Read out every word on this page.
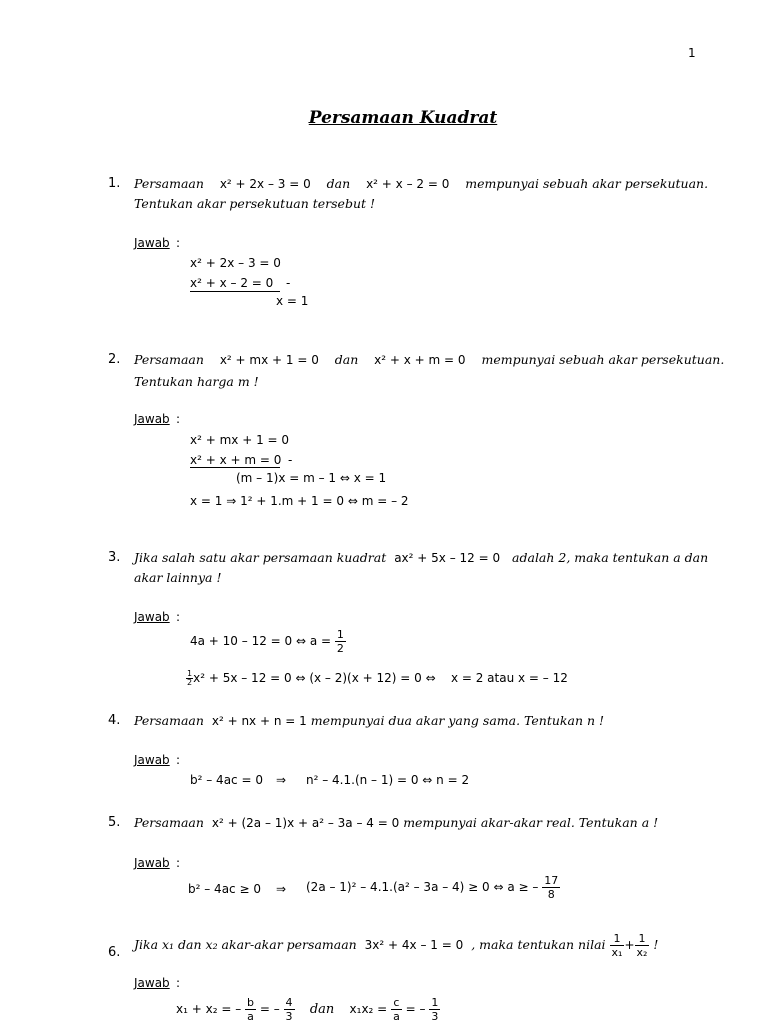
1
Persamaan Kuadrat
1. Persamaan x² + 2x – 3 = 0 dan x² + x – 2 = 0 mempunyai sebuah akar persekutuan.
Tentukan akar persekutuan tersebut !
Jawab :
x² + 2x – 3 = 0
x² + x – 2 = 0 -
x = 1
2. Persamaan x² + mx + 1 = 0 dan x² + x + m = 0 mempunyai sebuah akar persekutuan.
Tentukan harga m !
Jawab :
x² + mx + 1 = 0
x² + x + m = 0 -
(m – 1)x = m – 1 ⇔ x = 1
x = 1 ⇒ 1² + 1.m + 1 = 0 ⇔ m = – 2
3. Jika salah satu akar persamaan kuadrat ax² + 5x – 12 = 0 adalah 2, maka tentukan a dan
akar lainnya !
Jawab :
4a + 10 – 12 = 0 ⇔ $a = \frac{1}{2}$
$\frac{1}{2} x^2 + 5x - 12 = 0$ ⇔ (x – 2)(x + 12) = 0 ⇔ x = 2 atau x = – 12
4. Persamaan x² + nx + n = 1 mempunyai dua akar yang sama. Tentukan n !
Jawab :
b² – 4ac = 0 ⇒ n² – 4.1.(n – 1) = 0 ⇔ n = 2
5. Persamaan x² + (2a – 1)x + a² – 3a – 4 = 0 mempunyai akar-akar real. Tentukan a !
Jawab :
b² – 4ac ≥ 0 ⇒ (2a – 1)² – 4.1.(a² – 3a – 4) ≥ 0 ⇔ a ≥ – $\frac{17}{8}$
6.
Jika x₁ dan x₂ akar-akar persamaan 3x² + 4x – 1 = 0 , maka tentukan nilai $\frac{1}{\text{x₁}} + \frac{1}{\text{x₂}}$ !
Jawab :
x₁ + x₂ = – $\frac{b}{a}$ = – $\frac{4}{3}$ dan $x_1x_2 = \frac{c}{a}$ = – $\frac{1}{3}$
